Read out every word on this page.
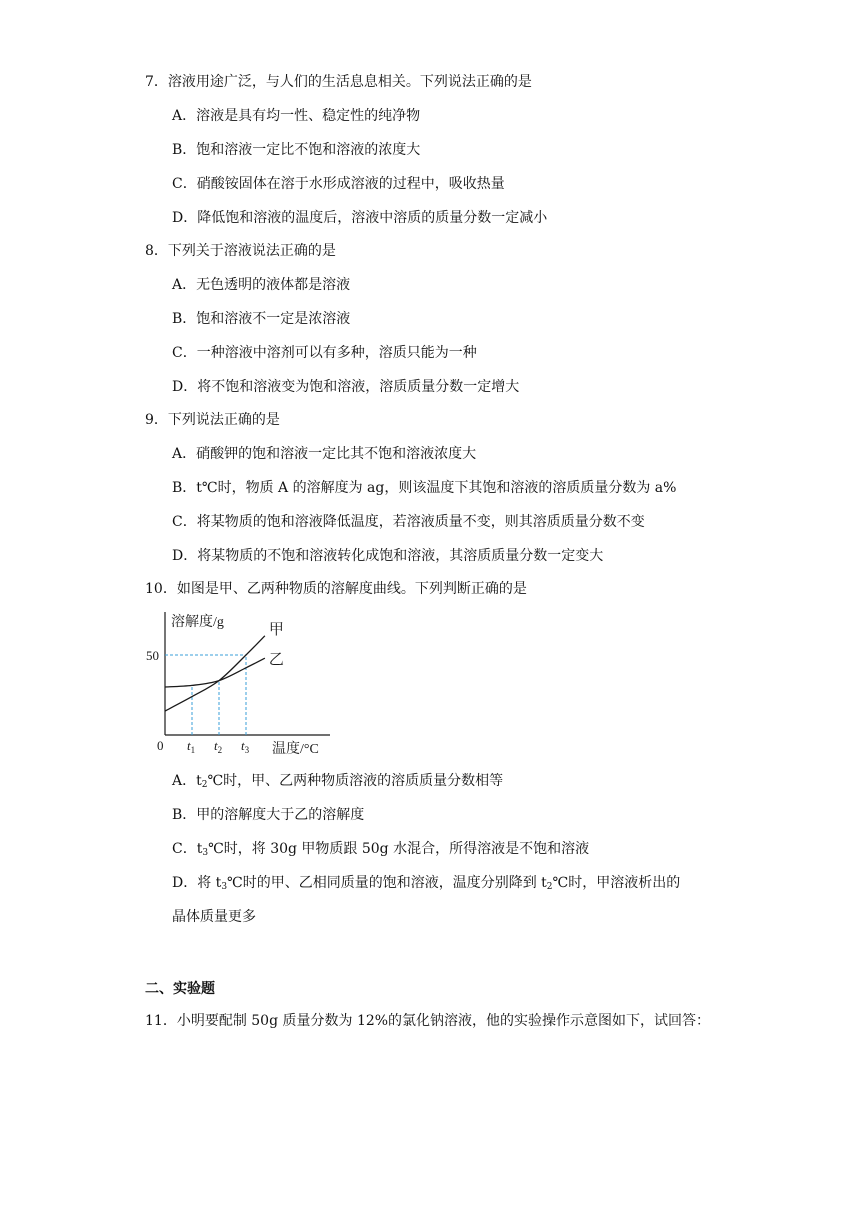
7．溶液用途广泛，与人们的生活息息相关。下列说法正确的是
A．溶液是具有均一性、稳定性的纯净物
B．饱和溶液一定比不饱和溶液的浓度大
C．硝酸铵固体在溶于水形成溶液的过程中，吸收热量
D．降低饱和溶液的温度后，溶液中溶质的质量分数一定减小
8．下列关于溶液说法正确的是
A．无色透明的液体都是溶液
B．饱和溶液不一定是浓溶液
C．一种溶液中溶剂可以有多种，溶质只能为一种
D．将不饱和溶液变为饱和溶液，溶质质量分数一定增大
9．下列说法正确的是
A．硝酸钾的饱和溶液一定比其不饱和溶液浓度大
B．t℃时，物质 A 的溶解度为 ag，则该温度下其饱和溶液的溶质质量分数为 a%
C．将某物质的饱和溶液降低温度，若溶液质量不变，则其溶质质量分数不变
D．将某物质的不饱和溶液转化成饱和溶液，其溶质质量分数一定变大
10．如图是甲、乙两种物质的溶解度曲线。下列判断正确的是
甲
乙
溶解度/g
温度/°C
0
50
$t_1$ $t_2$ $t_3$
A．$t_2℃$时，甲、乙两种物质溶液的溶质质量分数相等
B．甲的溶解度大于乙的溶解度
C．$t_3℃$时，将 30g 甲物质跟 50g 水混合，所得溶液是不饱和溶液
D．将 $t_3℃$时的甲、乙相同质量的饱和溶液，温度分别降到 $t_2℃$时，甲溶液析出的
晶体质量更多
二、实验题
11．小明要配制 50g 质量分数为 12%的氯化钠溶液，他的实验操作示意图如下，试回答：
